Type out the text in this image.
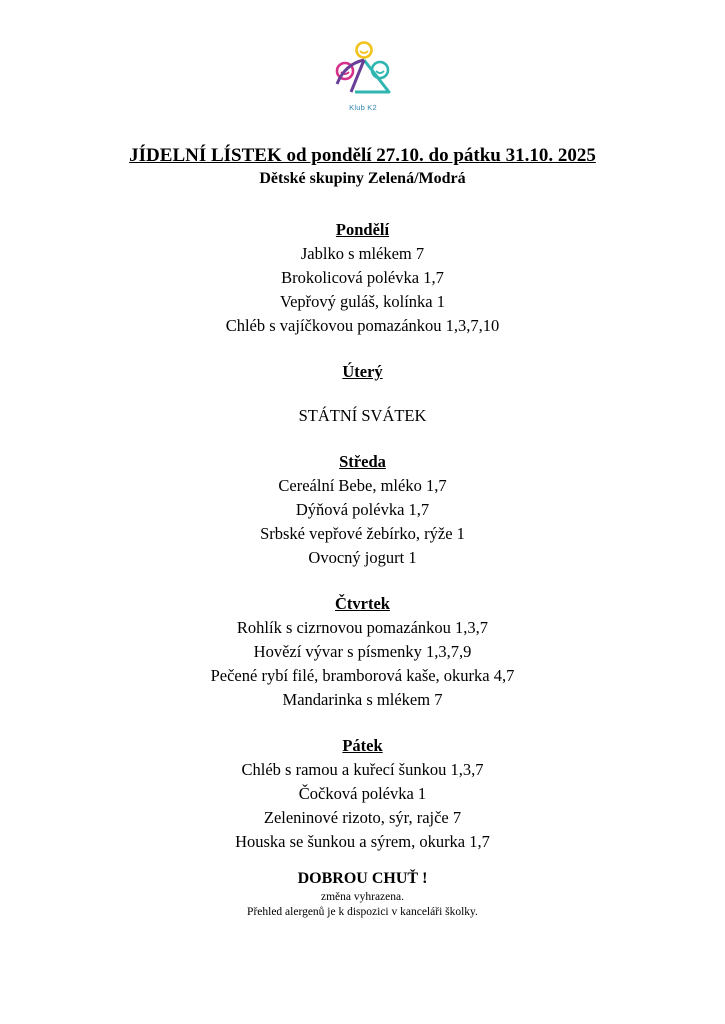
Klub K2
JÍDELNÍ LÍSTEK od pondělí 27.10. do pátku 31.10. 2025
Dětské skupiny Zelená/Modrá
Pondělí
Jablko s mlékem 7
Brokolicová polévka 1,7
Vepřový guláš, kolínka 1
Chléb s vajíčkovou pomazánkou 1,3,7,10
Úterý
STÁTNÍ SVÁTEK
Středa
Cereální Bebe, mléko 1,7
Dýňová polévka 1,7
Srbské vepřové žebírko, rýže 1
Ovocný jogurt 1
Čtvrtek
Rohlík s cizrnovou pomazánkou 1,3,7
Hovězí vývar s písmenky 1,3,7,9
Pečené rybí filé, bramborová kaše, okurka 4,7
Mandarinka s mlékem 7
Pátek
Chléb s ramou a kuřecí šunkou 1,3,7
Čočková polévka 1
Zeleninové rizoto, sýr, rajče 7
Houska se šunkou a sýrem, okurka 1,7
DOBROU CHUŤ !
změna vyhrazena.
Přehled alergenů je k dispozici v kanceláři školky.
